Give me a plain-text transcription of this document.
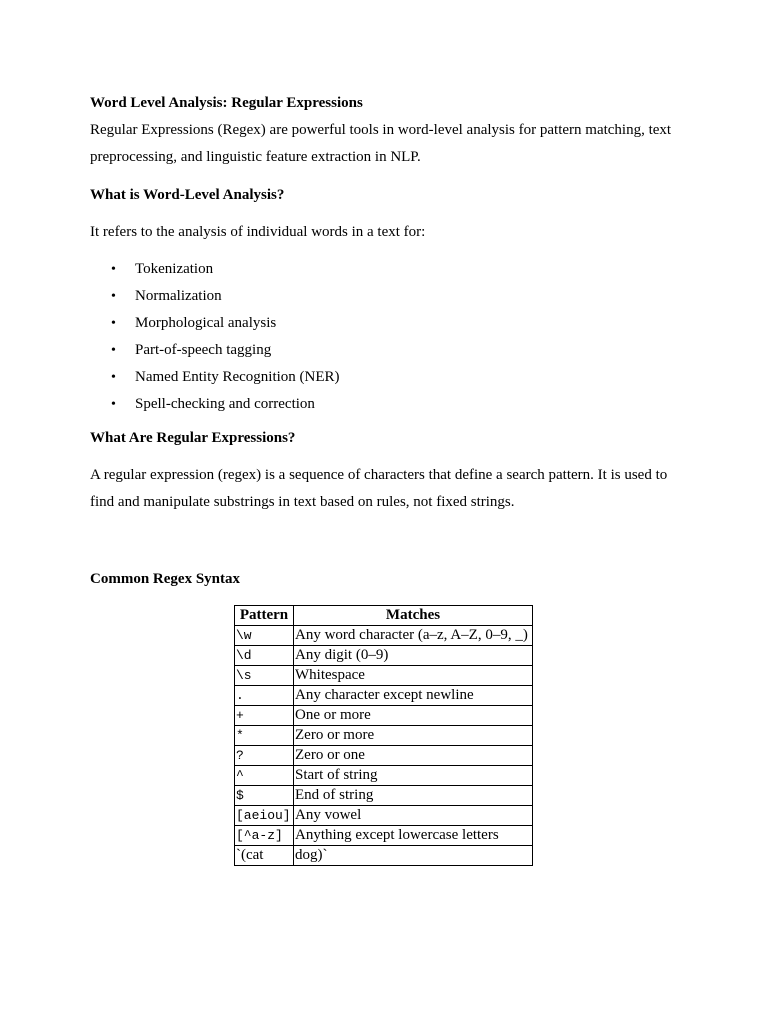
Word Level Analysis: Regular Expressions

Regular Expressions (Regex) are powerful tools in word-level analysis for pattern matching, text preprocessing, and linguistic feature extraction in NLP.

What is Word-Level Analysis?

It refers to the analysis of individual words in a text for:

• Tokenization
• Normalization
• Morphological analysis
• Part-of-speech tagging
• Named Entity Recognition (NER)
• Spell-checking and correction

What Are Regular Expressions?

A regular expression (regex) is a sequence of characters that define a search pattern. It is used to find and manipulate substrings in text based on rules, not fixed strings.

Common Regex Syntax

Pattern	Matches
\w	Any word character (a–z, A–Z, 0–9, _)
\d	Any digit (0–9)
\s	Whitespace
.	Any character except newline
+	One or more
*	Zero or more
?	Zero or one
^	Start of string
$	End of string
[aeiou]	Any vowel
[^a-z]	Anything except lowercase letters
`(cat	dog)`
